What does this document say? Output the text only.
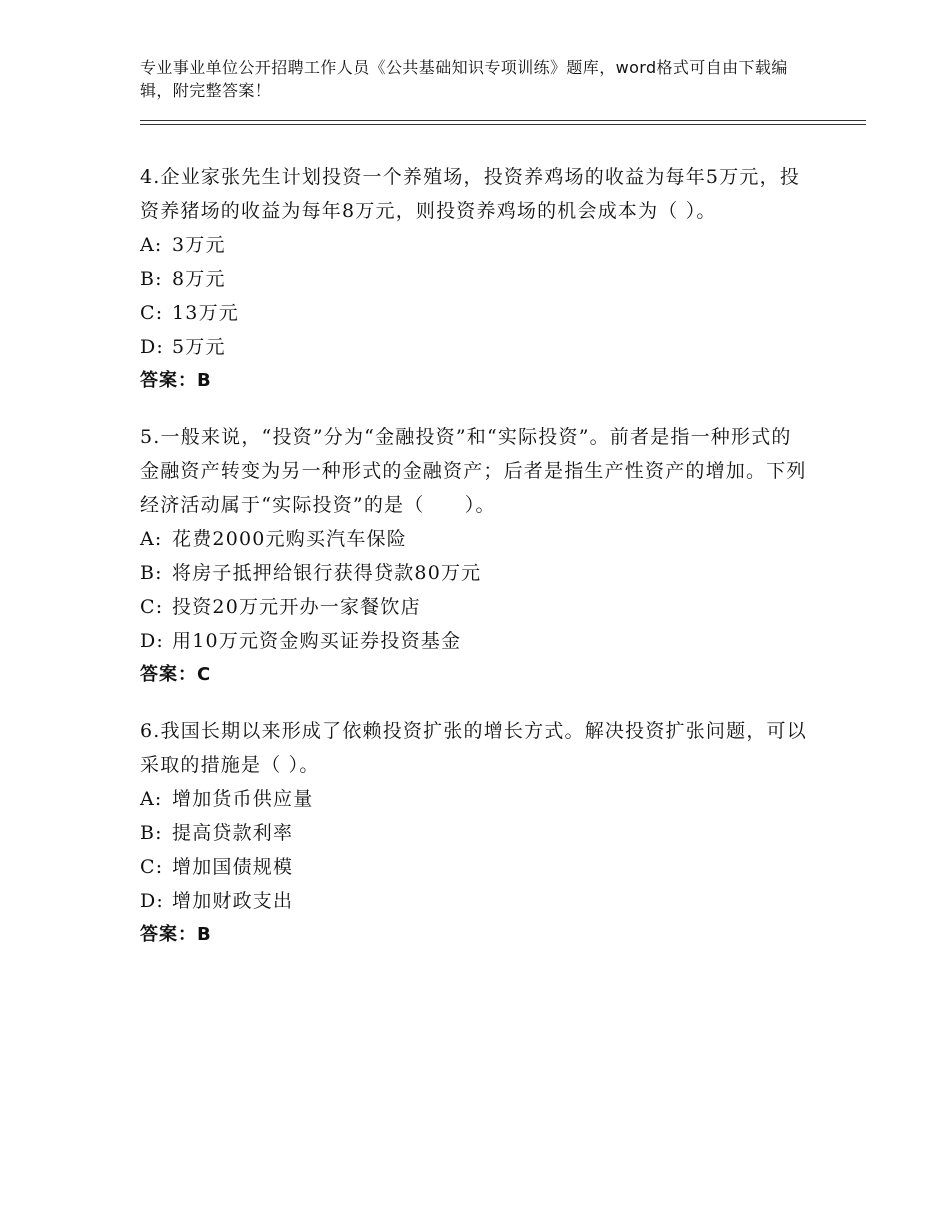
专业事业单位公开招聘工作人员《公共基础知识专项训练》题库，word格式可自由下载编辑，附完整答案！

4.企业家张先生计划投资一个养殖场，投资养鸡场的收益为每年5万元，投资养猪场的收益为每年8万元，则投资养鸡场的机会成本为（ ）。

A: 3万元
B: 8万元
C: 13万元
D: 5万元

答案：B

5.一般来说，“投资”分为“金融投资”和“实际投资”。前者是指一种形式的金融资产转变为另一种形式的金融资产；后者是指生产性资产的增加。下列经济活动属于“实际投资”的是（　　）。

A: 花费2000元购买汽车保险
B: 将房子抵押给银行获得贷款80万元
C: 投资20万元开办一家餐饮店
D: 用10万元资金购买证券投资基金

答案：C

6.我国长期以来形成了依赖投资扩张的增长方式。解决投资扩张问题，可以采取的措施是（ ）。

A: 增加货币供应量
B: 提高贷款利率
C: 增加国债规模
D: 增加财政支出

答案：B
